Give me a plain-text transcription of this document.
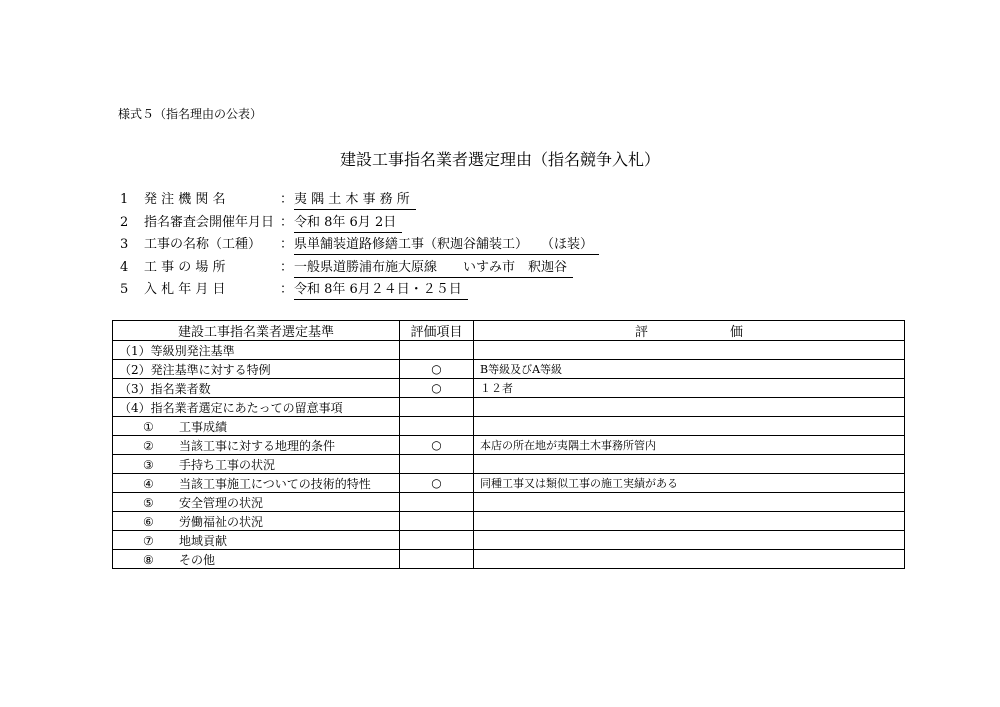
様式５（指名理由の公表）
建設工事指名業者選定理由（指名競争入札）
1	発 注 機 関 名	： 夷 隅 土 木 事 務 所
2	指名審査会開催年月日 ： 令和 8年 6月 2日
3	工事の名称（工種）	： 県単舗装道路修繕工事（釈迦谷舗装工）　　（ほ装）
4	工 事 の 場 所	： 一般県道勝浦布施大原線　　いすみ市　釈迦谷
5	入 札 年 月 日	： 令和 8年 6月２４日・２５日
建設工事指名業者選定基準	評価項目	評 価

（1）等級別発注基準		
（2）発注基準に対する特例	○	B等級及びA等級
（3）指名業者数	○	１２者
（4）指名業者選定にあたっての留意事項		
① 工事成績		
② 当該工事に対する地理的条件	○	本店の所在地が夷隅土木事務所管内
③ 手持ち工事の状況		
④ 当該工事施工についての技術的特性	○	同種工事又は類似工事の施工実績がある
⑤ 安全管理の状況		
⑥ 労働福祉の状況		
⑦ 地域貢献		
⑧ その他		
